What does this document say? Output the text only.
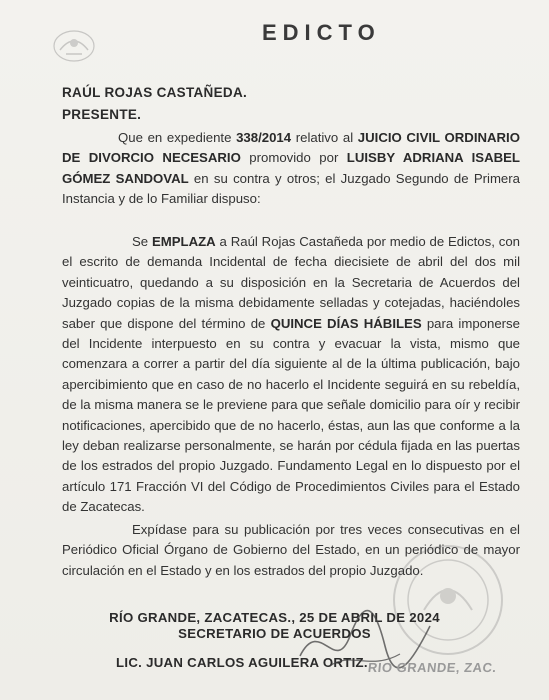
EDICTO
RAÚL ROJAS CASTAÑEDA.
PRESENTE.
Que en expediente 338/2014 relativo al JUICIO CIVIL ORDINARIO DE DIVORCIO NECESARIO promovido por LUISBY ADRIANA ISABEL GÓMEZ SANDOVAL en su contra y otros; el Juzgado Segundo de Primera Instancia y de lo Familiar dispuso:
Se EMPLAZA a Raúl Rojas Castañeda por medio de Edictos, con el escrito de demanda Incidental de fecha diecisiete de abril del dos mil veinticuatro, quedando a su disposición en la Secretaria de Acuerdos del Juzgado copias de la misma debidamente selladas y cotejadas, haciéndoles saber que dispone del término de QUINCE DÍAS HÁBILES para imponerse del Incidente interpuesto en su contra y evacuar la vista, mismo que comenzara a correr a partir del día siguiente al de la última publicación, bajo apercibimiento que en caso de no hacerlo el Incidente seguirá en su rebeldía, de la misma manera se le previene para que señale domicilio para oír y recibir notificaciones, apercibido que de no hacerlo, éstas, aun las que conforme a la ley deban realizarse personalmente, se harán por cédula fijada en las puertas de los estrados del propio Juzgado. Fundamento Legal en lo dispuesto por el artículo 171 Fracción VI del Código de Procedimientos Civiles para el Estado de Zacatecas.
Expídase para su publicación por tres veces consecutivas en el Periódico Oficial Órgano de Gobierno del Estado, en un periódico de mayor circulación en el Estado y en los estrados del propio Juzgado.
RÍO GRANDE, ZACATECAS., 25 DE ABRIL DE 2024
SECRETARIO DE ACUERDOS
LIC. JUAN CARLOS AGUILERA ORTIZ. RIO GRANDE, ZAC.
